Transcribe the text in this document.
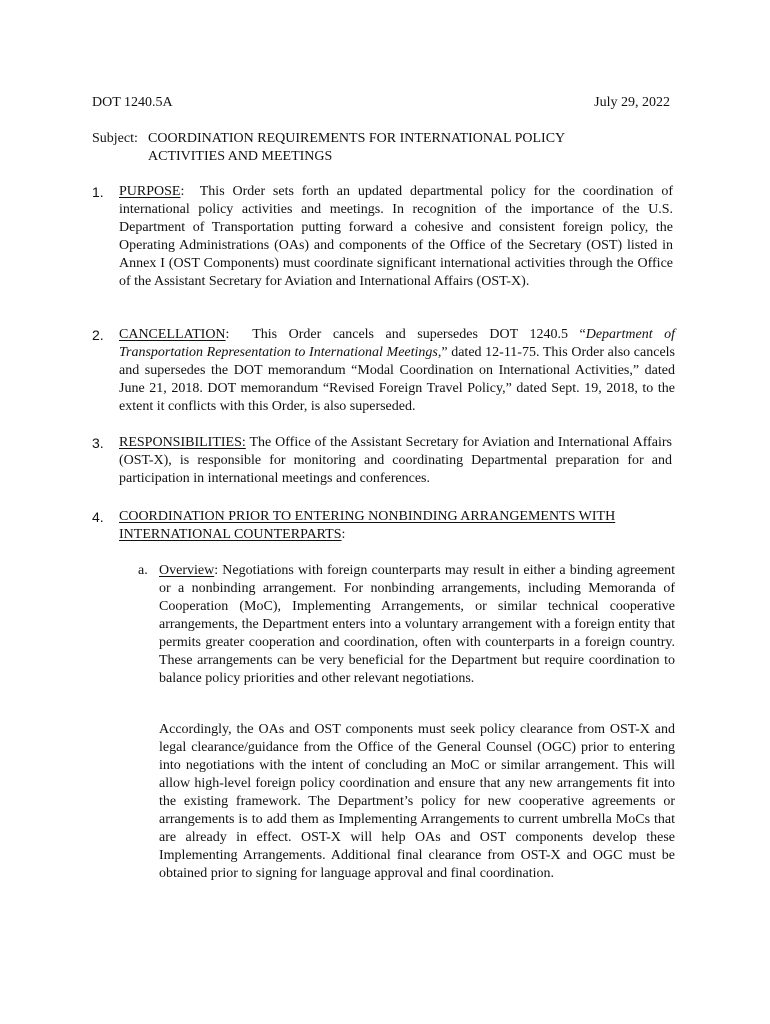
DOT 1240.5A	July 29, 2022
Subject: COORDINATION REQUIREMENTS FOR INTERNATIONAL POLICY
ACTIVITIES AND MEETINGS
1. PURPOSE:  This Order sets forth an updated departmental policy for the coordination of international policy activities and meetings. In recognition of the importance of the U.S. Department of Transportation putting forward a cohesive and consistent foreign policy, the Operating Administrations (OAs) and components of the Office of the Secretary (OST) listed in Annex I (OST Components) must coordinate significant international activities through the Office of the Assistant Secretary for Aviation and International Affairs (OST-X).
2. CANCELLATION:  This Order cancels and supersedes DOT 1240.5 “Department of Transportation Representation to International Meetings,” dated 12-11-75. This Order also cancels and supersedes the DOT memorandum “Modal Coordination on International Activities,” dated June 21, 2018. DOT memorandum “Revised Foreign Travel Policy,” dated Sept. 19, 2018, to the extent it conflicts with this Order, is also superseded.
3. RESPONSIBILITIES: The Office of the Assistant Secretary for Aviation and International Affairs (OST-X), is responsible for monitoring and coordinating Departmental preparation for and participation in international meetings and conferences.
4. COORDINATION PRIOR TO ENTERING NONBINDING ARRANGEMENTS WITH
INTERNATIONAL COUNTERPARTS:
a. Overview: Negotiations with foreign counterparts may result in either a binding agreement or a nonbinding arrangement. For nonbinding arrangements, including Memoranda of Cooperation (MoC), Implementing Arrangements, or similar technical cooperative arrangements, the Department enters into a voluntary arrangement with a foreign entity that permits greater cooperation and coordination, often with counterparts in a foreign country. These arrangements can be very beneficial for the Department but require coordination to balance policy priorities and other relevant negotiations.
Accordingly, the OAs and OST components must seek policy clearance from OST-X and legal clearance/guidance from the Office of the General Counsel (OGC) prior to entering into negotiations with the intent of concluding an MoC or similar arrangement. This will allow high-level foreign policy coordination and ensure that any new arrangements fit into the existing framework. The Department’s policy for new cooperative agreements or arrangements is to add them as Implementing Arrangements to current umbrella MoCs that are already in effect. OST-X will help OAs and OST components develop these Implementing Arrangements. Additional final clearance from OST-X and OGC must be obtained prior to signing for language approval and final coordination.
